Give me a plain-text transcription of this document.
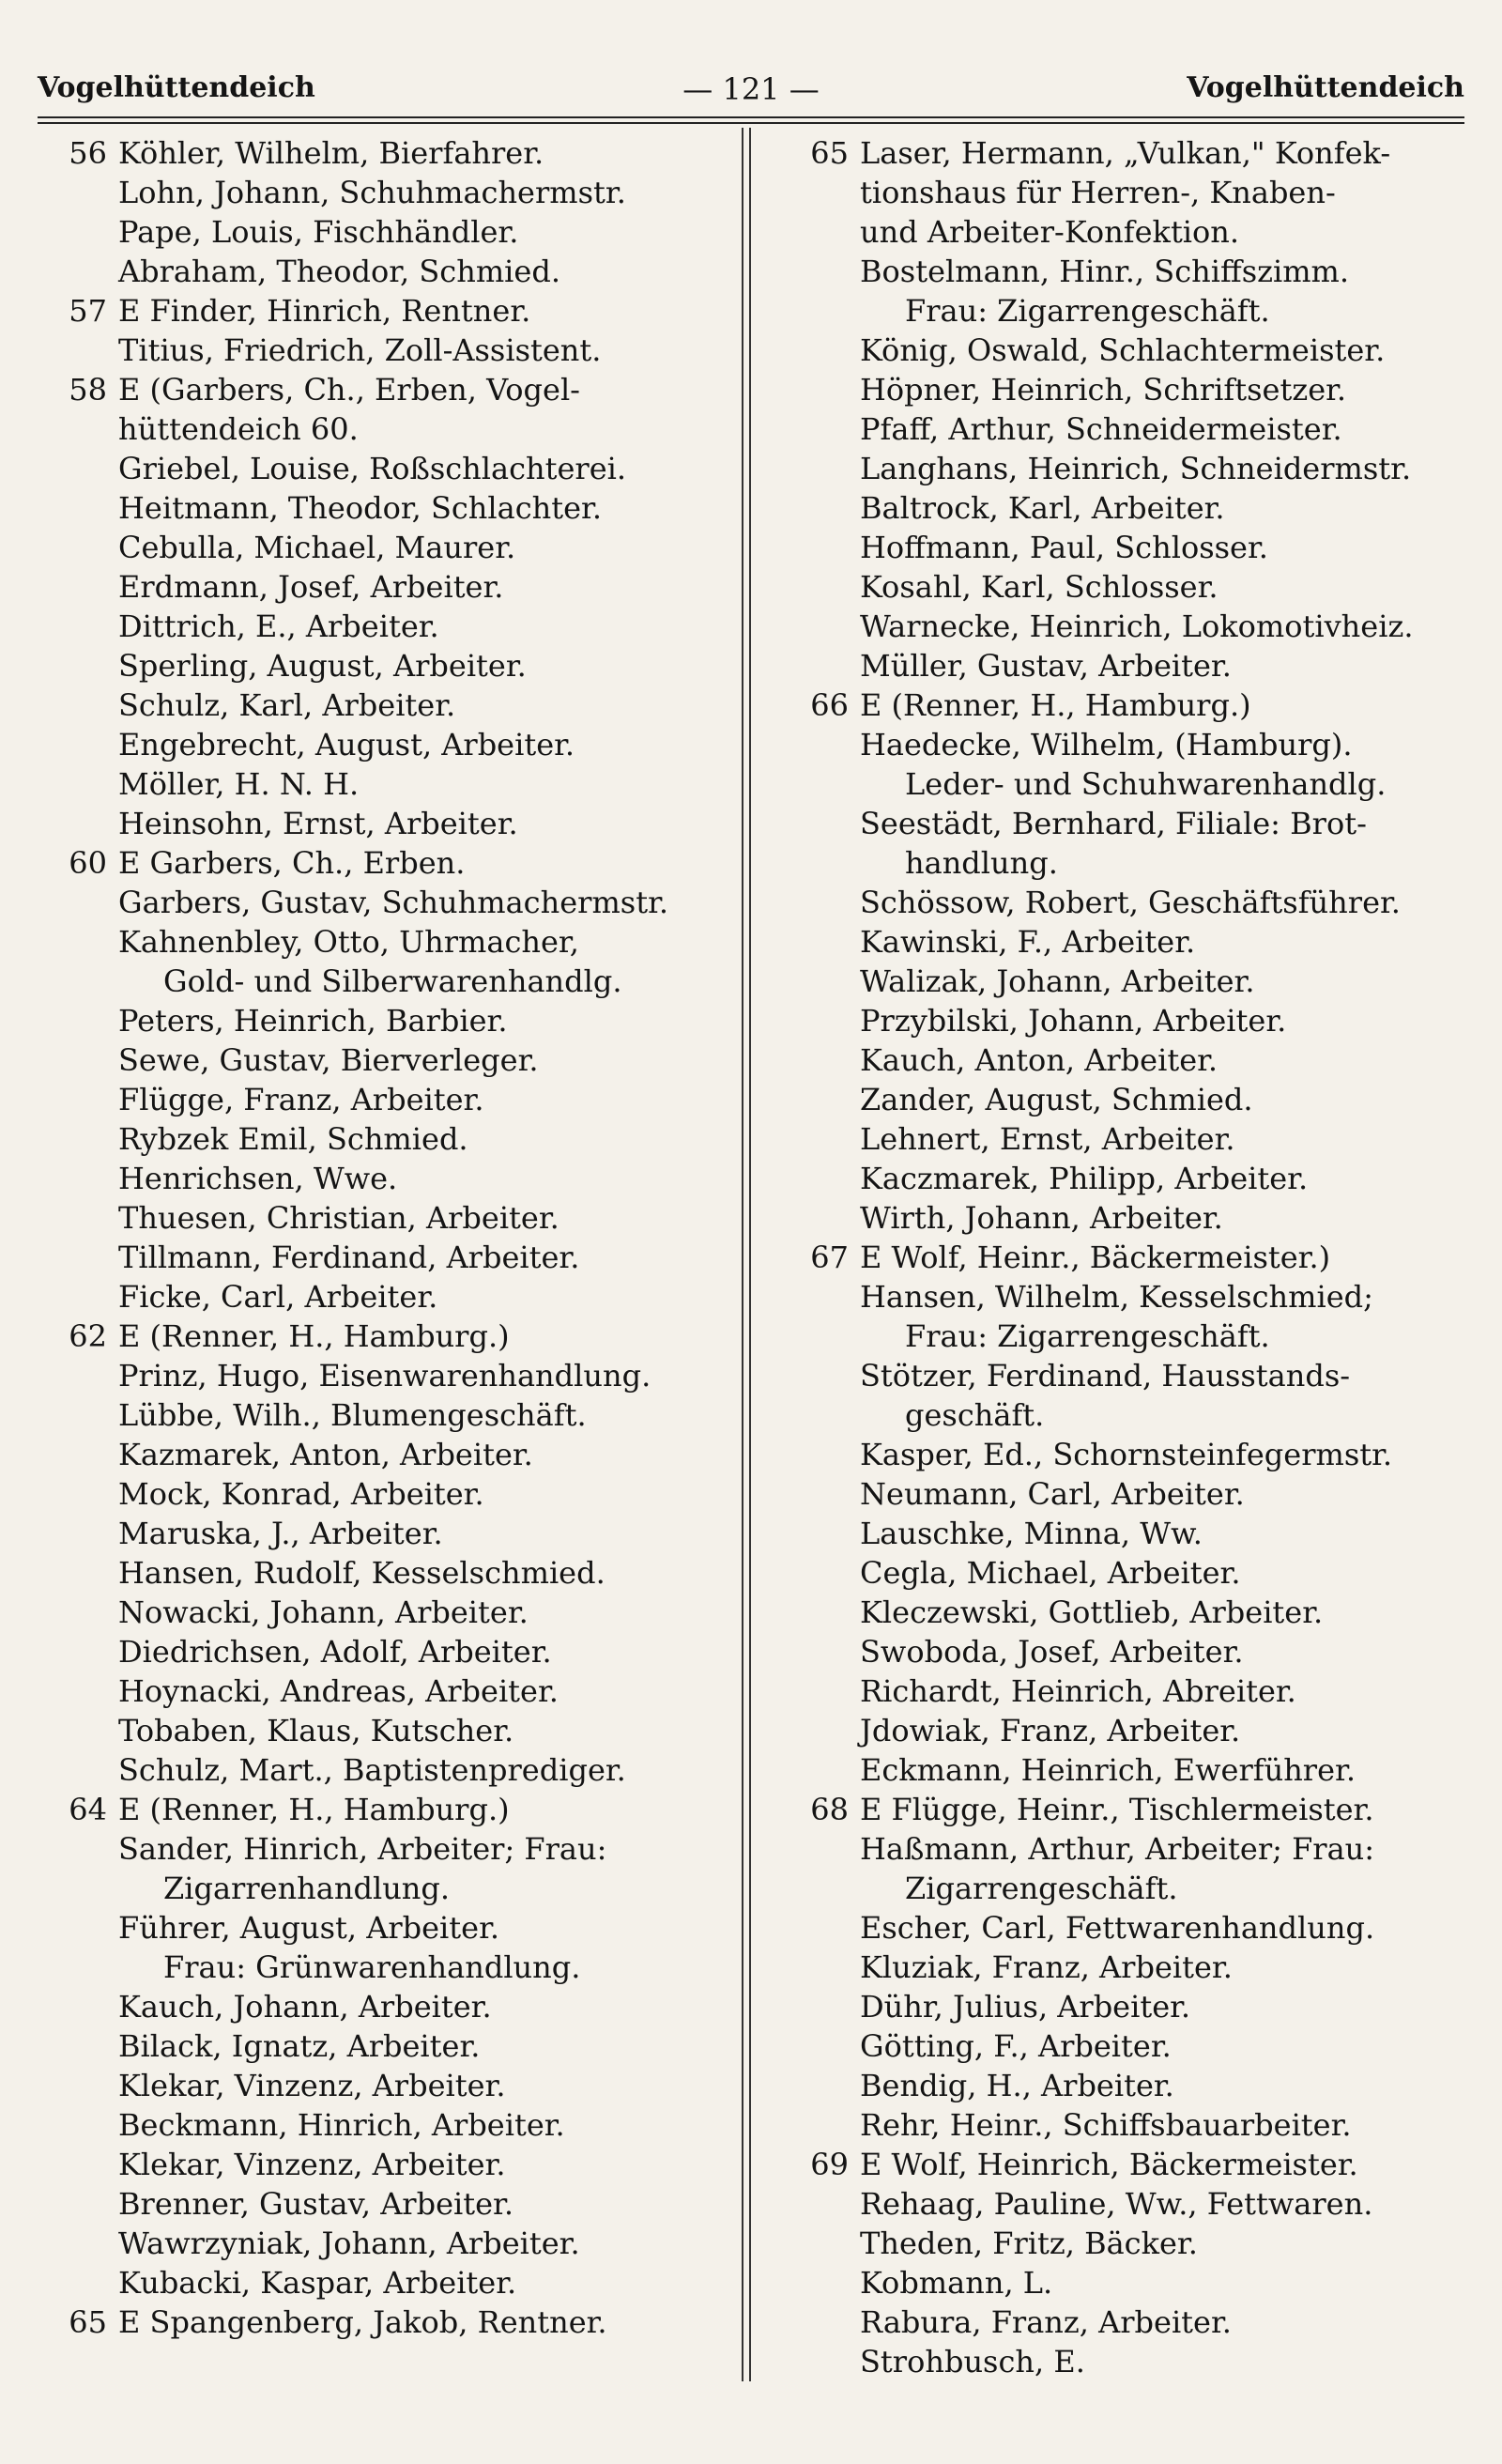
Vogelhüttendeich	— 121 —	Vogelhüttendeich
56 Köhler, Wilhelm, Bierfahrer.
Lohn, Johann, Schuhmachermstr.
Pape, Louis, Fischhändler.
Abraham, Theodor, Schmied.
57 E Finder, Hinrich, Rentner.
Titius, Friedrich, Zoll-Assistent.
58 E (Garbers, Ch., Erben, Vogel-
hüttendeich 60.
Griebel, Louise, Roßschlachterei.
Heitmann, Theodor, Schlachter.
Cebulla, Michael, Maurer.
Erdmann, Josef, Arbeiter.
Dittrich, E., Arbeiter.
Sperling, August, Arbeiter.
Schulz, Karl, Arbeiter.
Engebrecht, August, Arbeiter.
Möller, H. N. H.
Heinsohn, Ernst, Arbeiter.
60 E Garbers, Ch., Erben.
Garbers, Gustav, Schuhmachermstr.
Kahnenbley, Otto, Uhrmacher,
Gold- und Silberwarenhandlg.
Peters, Heinrich, Barbier.
Sewe, Gustav, Bierverleger.
Flügge, Franz, Arbeiter.
Rybzek Emil, Schmied.
Henrichsen, Wwe.
Thuesen, Christian, Arbeiter.
Tillmann, Ferdinand, Arbeiter.
Ficke, Carl, Arbeiter.
62 E (Renner, H., Hamburg.)
Prinz, Hugo, Eisenwarenhandlung.
Lübbe, Wilh., Blumengeschäft.
Kazmarek, Anton, Arbeiter.
Mock, Konrad, Arbeiter.
Maruska, J., Arbeiter.
Hansen, Rudolf, Kesselschmied.
Nowacki, Johann, Arbeiter.
Diedrichsen, Adolf, Arbeiter.
Hoynacki, Andreas, Arbeiter.
Tobaben, Klaus, Kutscher.
Schulz, Mart., Baptistenprediger.
64 E (Renner, H., Hamburg.)
Sander, Hinrich, Arbeiter; Frau:
Zigarrenhandlung.
Führer, August, Arbeiter.
Frau: Grünwarenhandlung.
Kauch, Johann, Arbeiter.
Bilack, Ignatz, Arbeiter.
Klekar, Vinzenz, Arbeiter.
Beckmann, Hinrich, Arbeiter.
Klekar, Vinzenz, Arbeiter.
Brenner, Gustav, Arbeiter.
Wawrzyniak, Johann, Arbeiter.
Kubacki, Kaspar, Arbeiter.
65 E Spangenberg, Jakob, Rentner.
65 Laser, Hermann, „Vulkan," Konfek-
tionshaus für Herren-, Knaben-
und Arbeiter-Konfektion.
Bostelmann, Hinr., Schiffszimm.
Frau: Zigarrengeschäft.
König, Oswald, Schlachtermeister.
Höpner, Heinrich, Schriftsetzer.
Pfaff, Arthur, Schneidermeister.
Langhans, Heinrich, Schneidermstr.
Baltrock, Karl, Arbeiter.
Hoffmann, Paul, Schlosser.
Kosahl, Karl, Schlosser.
Warnecke, Heinrich, Lokomotivheiz.
Müller, Gustav, Arbeiter.
66 E (Renner, H., Hamburg.)
Haedecke, Wilhelm, (Hamburg).
Leder- und Schuhwarenhandlg.
Seestädt, Bernhard, Filiale: Brot-
handlung.
Schössow, Robert, Geschäftsführer.
Kawinski, F., Arbeiter.
Walizak, Johann, Arbeiter.
Przybilski, Johann, Arbeiter.
Kauch, Anton, Arbeiter.
Zander, August, Schmied.
Lehnert, Ernst, Arbeiter.
Kaczmarek, Philipp, Arbeiter.
Wirth, Johann, Arbeiter.
67 E Wolf, Heinr., Bäckermeister.)
Hansen, Wilhelm, Kesselschmied;
Frau: Zigarrengeschäft.
Stötzer, Ferdinand, Hausstands-
geschäft.
Kasper, Ed., Schornsteinfegermstr.
Neumann, Carl, Arbeiter.
Lauschke, Minna, Ww.
Cegla, Michael, Arbeiter.
Kleczewski, Gottlieb, Arbeiter.
Swoboda, Josef, Arbeiter.
Richardt, Heinrich, Abreiter.
Jdowiak, Franz, Arbeiter.
Eckmann, Heinrich, Ewerführer.
68 E Flügge, Heinr., Tischlermeister.
Haßmann, Arthur, Arbeiter; Frau:
Zigarrengeschäft.
Escher, Carl, Fettwarenhandlung.
Kluziak, Franz, Arbeiter.
Dühr, Julius, Arbeiter.
Götting, F., Arbeiter.
Bendig, H., Arbeiter.
Rehr, Heinr., Schiffsbauarbeiter.
69 E Wolf, Heinrich, Bäckermeister.
Rehaag, Pauline, Ww., Fettwaren.
Theden, Fritz, Bäcker.
Kobmann, L.
Rabura, Franz, Arbeiter.
Strohbusch, E.
